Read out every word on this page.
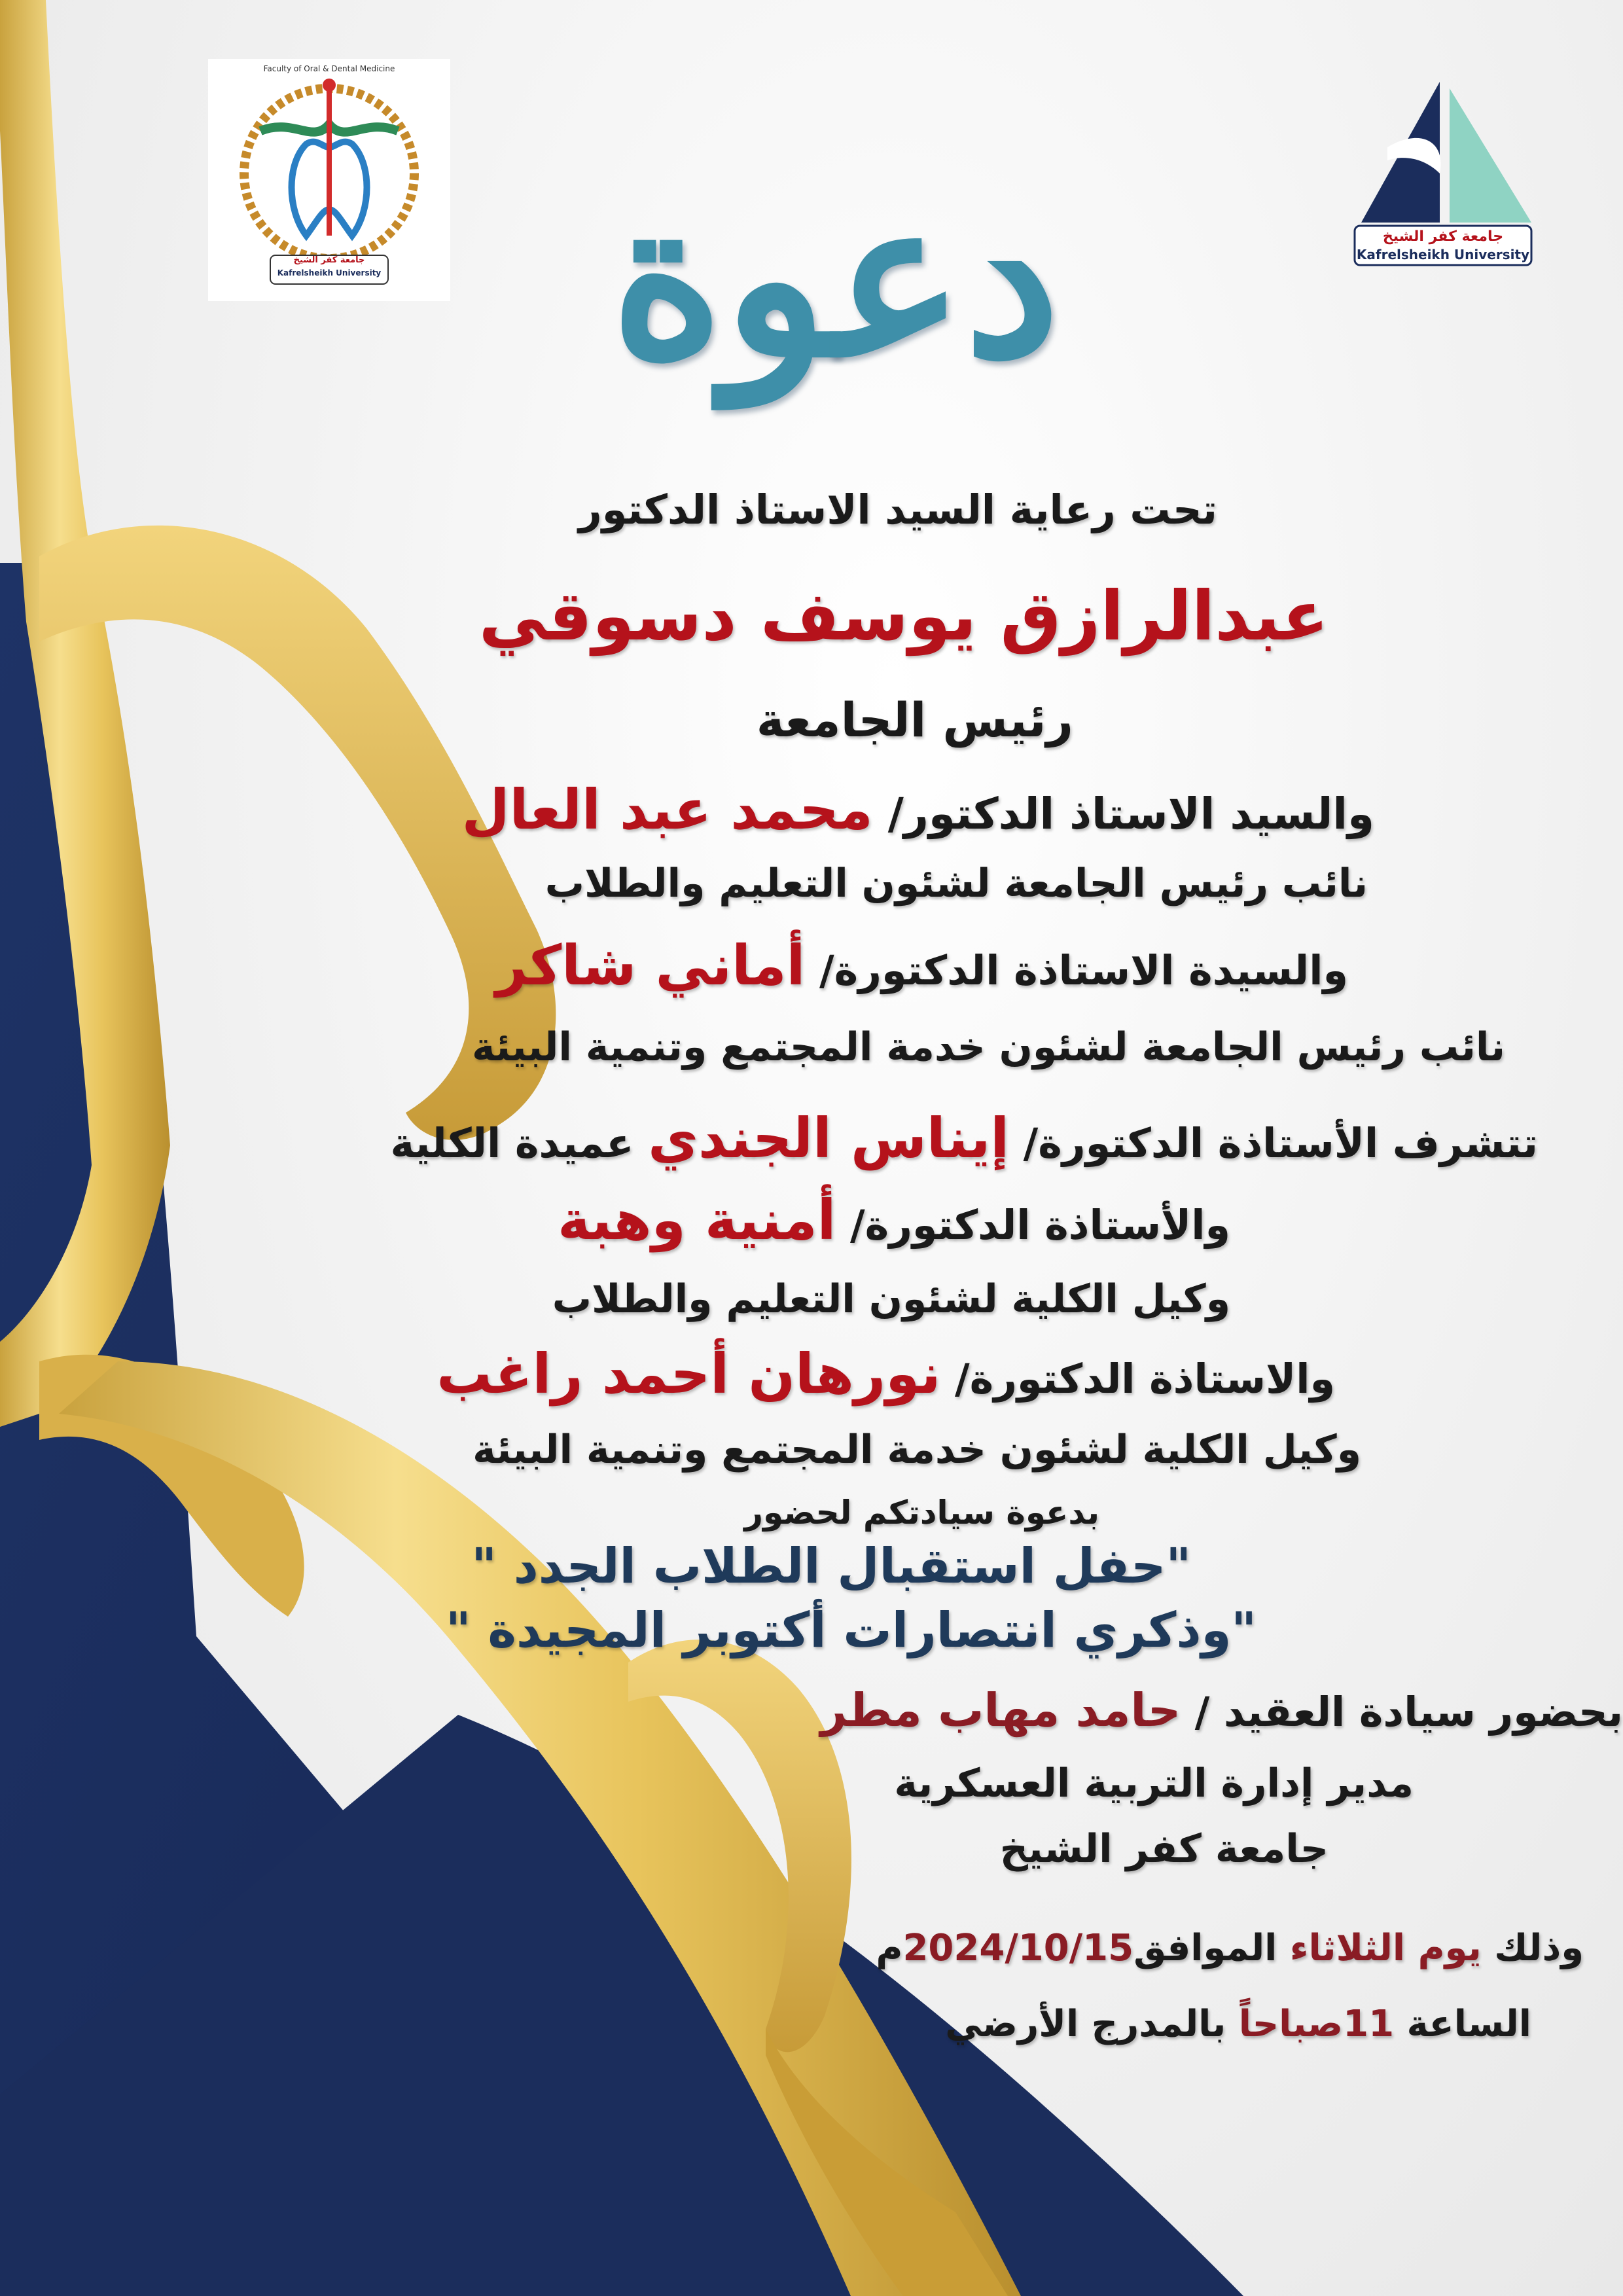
جامعة كفر الشيخ
Kafrelsheikh University
Faculty of Oral & Dental Medicine
جامعة كفر الشيخ
Kafrelsheikh University
دعوة
تحت رعاية السيد الاستاذ الدكتور
عبدالرازق يوسف دسوقي
رئيس الجامعة
والسيد الاستاذ الدكتور/ محمد عبد العال
نائب رئيس الجامعة لشئون التعليم والطلاب
والسيدة الاستاذة الدكتورة/ أماني شاكر
نائب رئيس الجامعة لشئون خدمة المجتمع وتنمية البيئة
تتشرف الأستاذة الدكتورة/ إيناس الجندي عميدة الكلية
والأستاذة الدكتورة/ أمنية وهبة
وكيل الكلية لشئون التعليم والطلاب
والاستاذة الدكتورة/ نورهان أحمد راغب
وكيل الكلية لشئون خدمة المجتمع وتنمية البيئة
بدعوة سيادتكم لحضور
"حفل استقبال الطلاب الجدد "
"وذكري انتصارات أكتوبر المجيدة "
بحضور سيادة العقيد / حامد مهاب مطر
مدير إدارة التربية العسكرية
جامعة كفر الشيخ
وذلك يوم الثلاثاء الموافق2024/10/15م
الساعة 11صباحاً بالمدرج الأرضي
